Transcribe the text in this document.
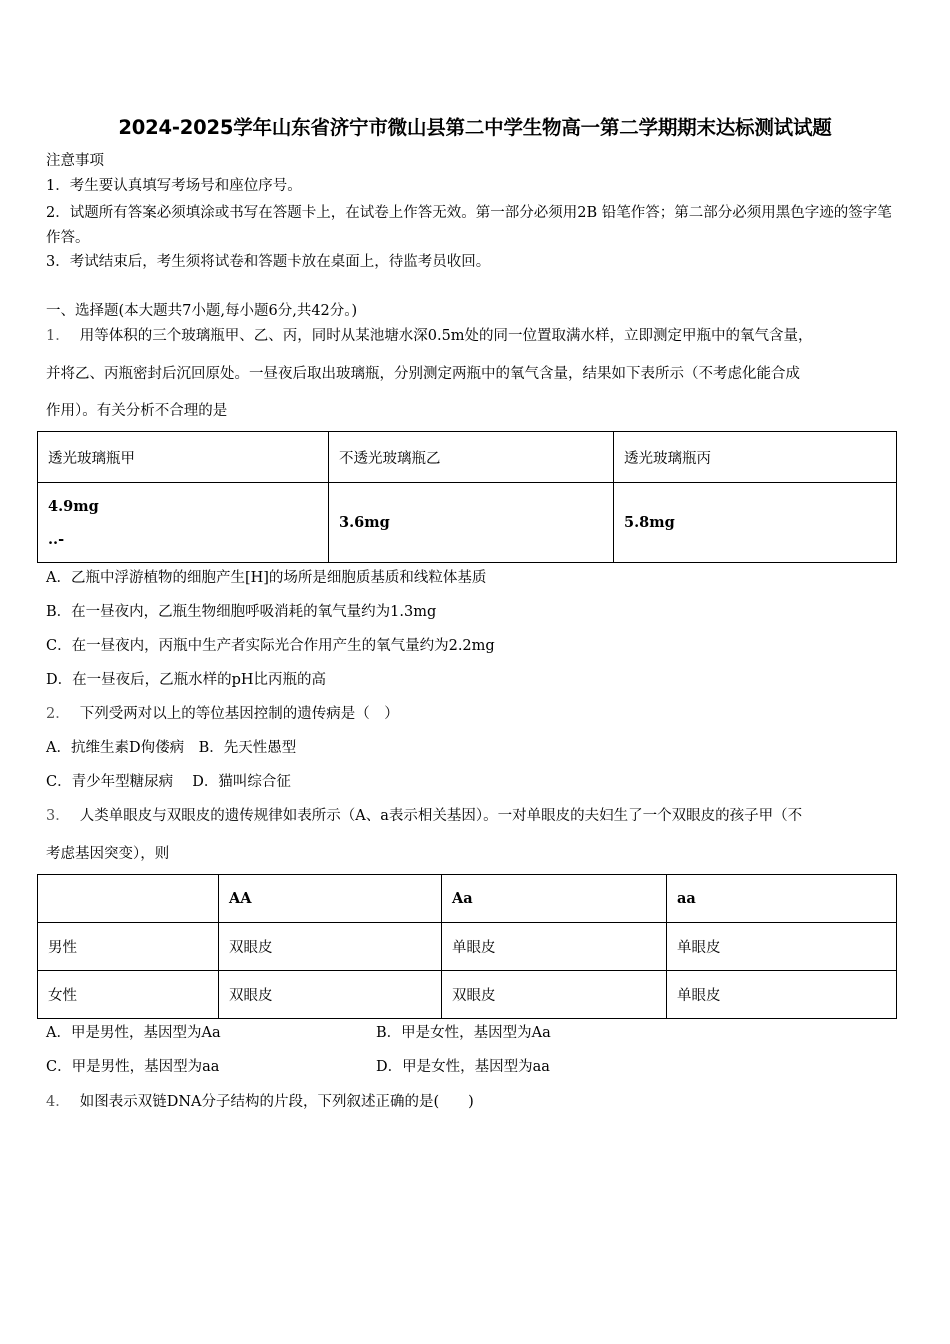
2024-2025学年山东省济宁市微山县第二中学生物高一第二学期期末达标测试试题
注意事项
1．考生要认真填写考场号和座位序号。
2．试题所有答案必须填涂或书写在答题卡上，在试卷上作答无效。第一部分必须用2B 铅笔作答；第二部分必须用黑色字迹的签字笔作答。
3．考试结束后，考生须将试卷和答题卡放在桌面上，待监考员收回。
一、选择题(本大题共7小题,每小题6分,共42分。)
1． 用等体积的三个玻璃瓶甲、乙、丙，同时从某池塘水深0.5m处的同一位置取满水样，立即测定甲瓶中的氧气含量，
并将乙、丙瓶密封后沉回原处。一昼夜后取出玻璃瓶，分别测定两瓶中的氧气含量，结果如下表所示（不考虑化能合成
作用）。有关分析不合理的是
透光玻璃瓶甲	不透光玻璃瓶乙	透光玻璃瓶丙

4.9mg
..-	3.6mg	5.8mg
A．乙瓶中浮游植物的细胞产生[H]的场所是细胞质基质和线粒体基质
B．在一昼夜内，乙瓶生物细胞呼吸消耗的氧气量约为1.3mg
C．在一昼夜内，丙瓶中生产者实际光合作用产生的氧气量约为2.2mg
D．在一昼夜后，乙瓶水样的pH比丙瓶的高
2． 下列受两对以上的等位基因控制的遗传病是（　）
A．抗维生素D佝偻病　B．先天性愚型
C．青少年型糖尿病　 D．猫叫综合征
3． 人类单眼皮与双眼皮的遗传规律如表所示（A、a表示相关基因）。一对单眼皮的夫妇生了一个双眼皮的孩子甲（不
考虑基因突变），则
	AA	Aa	aa
男性	双眼皮	单眼皮	单眼皮
女性	双眼皮	双眼皮	单眼皮
A．甲是男性，基因型为Aa	B．甲是女性，基因型为Aa
C．甲是男性，基因型为aa	D．甲是女性，基因型为aa
4． 如图表示双链DNA分子结构的片段，下列叙述正确的是(　　)
